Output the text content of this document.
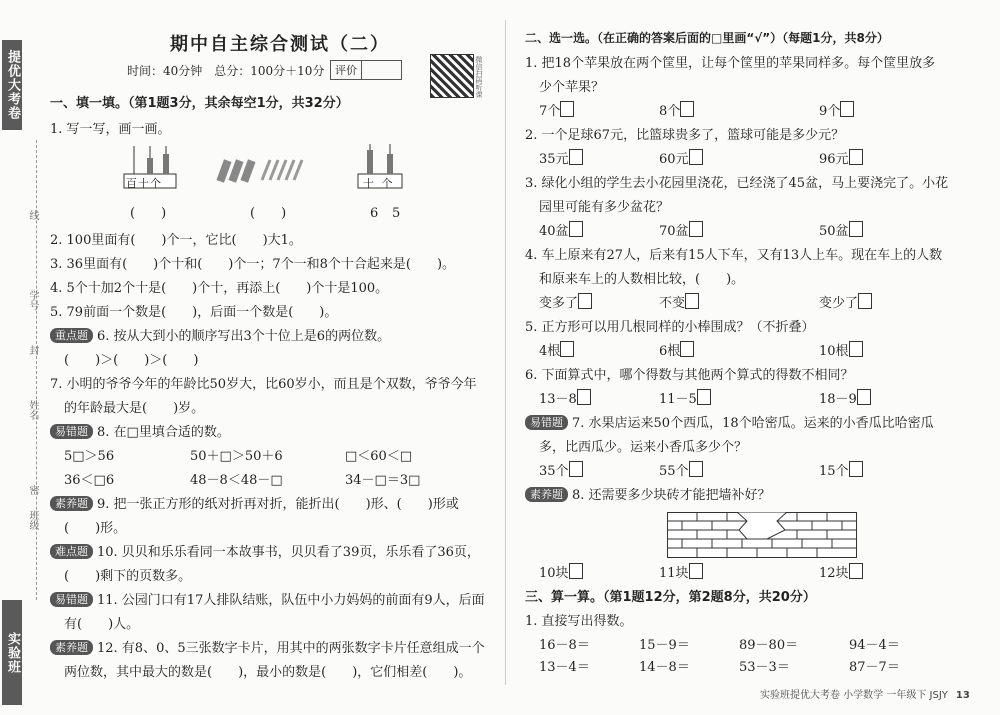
提优大考卷
线
学号
封
姓名
密
班级
实验班
期中自主综合测试（二）
时间：40分钟　总分：100分＋10分 评价	微信扫码听课
一、填一填。（第1题3分，其余每空1分，共32分）
1. 写一写，画一画。
百十个	十 个
(　　)	(　　)	6 5
2. 100里面有(　　)个一，它比(　　)大1。
3. 36里面有(　　)个十和(　　)个一；7个一和8个十合起来是(　　)。
4. 5个十加2个十是(　　)个十，再添上(　　)个十是100。
5. 79前面一个数是(　　)，后面一个数是(　　)。
重点题 6. 按从大到小的顺序写出3个十位上是6的两位数。
(　　)＞(　　)＞(　　)
7. 小明的爷爷今年的年龄比50岁大，比60岁小，而且是个双数，爷爷今年
的年龄最大是(　　)岁。
易错题 8. 在□里填合适的数。
5□＞56	50＋□＞50＋6	□＜60＜□
36＜□6	48－8＜48－□	34－□＝3□
素养题 9. 把一张正方形的纸对折再对折，能折出(　　)形、(　　)形或
(　　)形。
难点题 10. 贝贝和乐乐看同一本故事书，贝贝看了39页，乐乐看了36页，
(　　)剩下的页数多。
易错题 11. 公园门口有17人排队结账，队伍中小力妈妈的前面有9人，后面
有(　　)人。
素养题 12. 有8、0、5三张数字卡片，用其中的两张数字卡片任意组成一个
两位数，其中最大的数是(　　)，最小的数是(　　)，它们相差(　　)。
二、选一选。（在正确的答案后面的□里画“√”）（每题1分，共8分）
1. 把18个苹果放在两个筐里，让每个筐里的苹果同样多。每个筐里放多
少个苹果？
7个	8个	9个
2. 一个足球67元，比篮球贵多了，篮球可能是多少元？
35元	60元	96元
3. 绿化小组的学生去小花园里浇花，已经浇了45盆，马上要浇完了。小花
园里可能有多少盆花？
40盆	70盆	50盆
4. 车上原来有27人，后来有15人下车，又有13人上车。现在车上的人数
和原来车上的人数相比较，(　　)。
变多了	不变	变少了
5. 正方形可以用几根同样的小棒围成？（不折叠）
4根	6根	10根
6. 下面算式中，哪个得数与其他两个算式的得数不相同？
13－8	11－5	18－9
易错题 7. 水果店运来50个西瓜，18个哈密瓜。运来的小香瓜比哈密瓜
多，比西瓜少。运来小香瓜多少个？
35个	55个	15个
素养题 8. 还需要多少块砖才能把墙补好？
10块	11块	12块
三、算一算。（第1题12分，第2题8分，共20分）
1. 直接写出得数。
16－8＝	15－9＝	89－80＝	94－4＝
13－4＝	14－8＝	53－3＝	87－7＝
实验班提优大考卷 小学数学 一年级下 JSJY 13
